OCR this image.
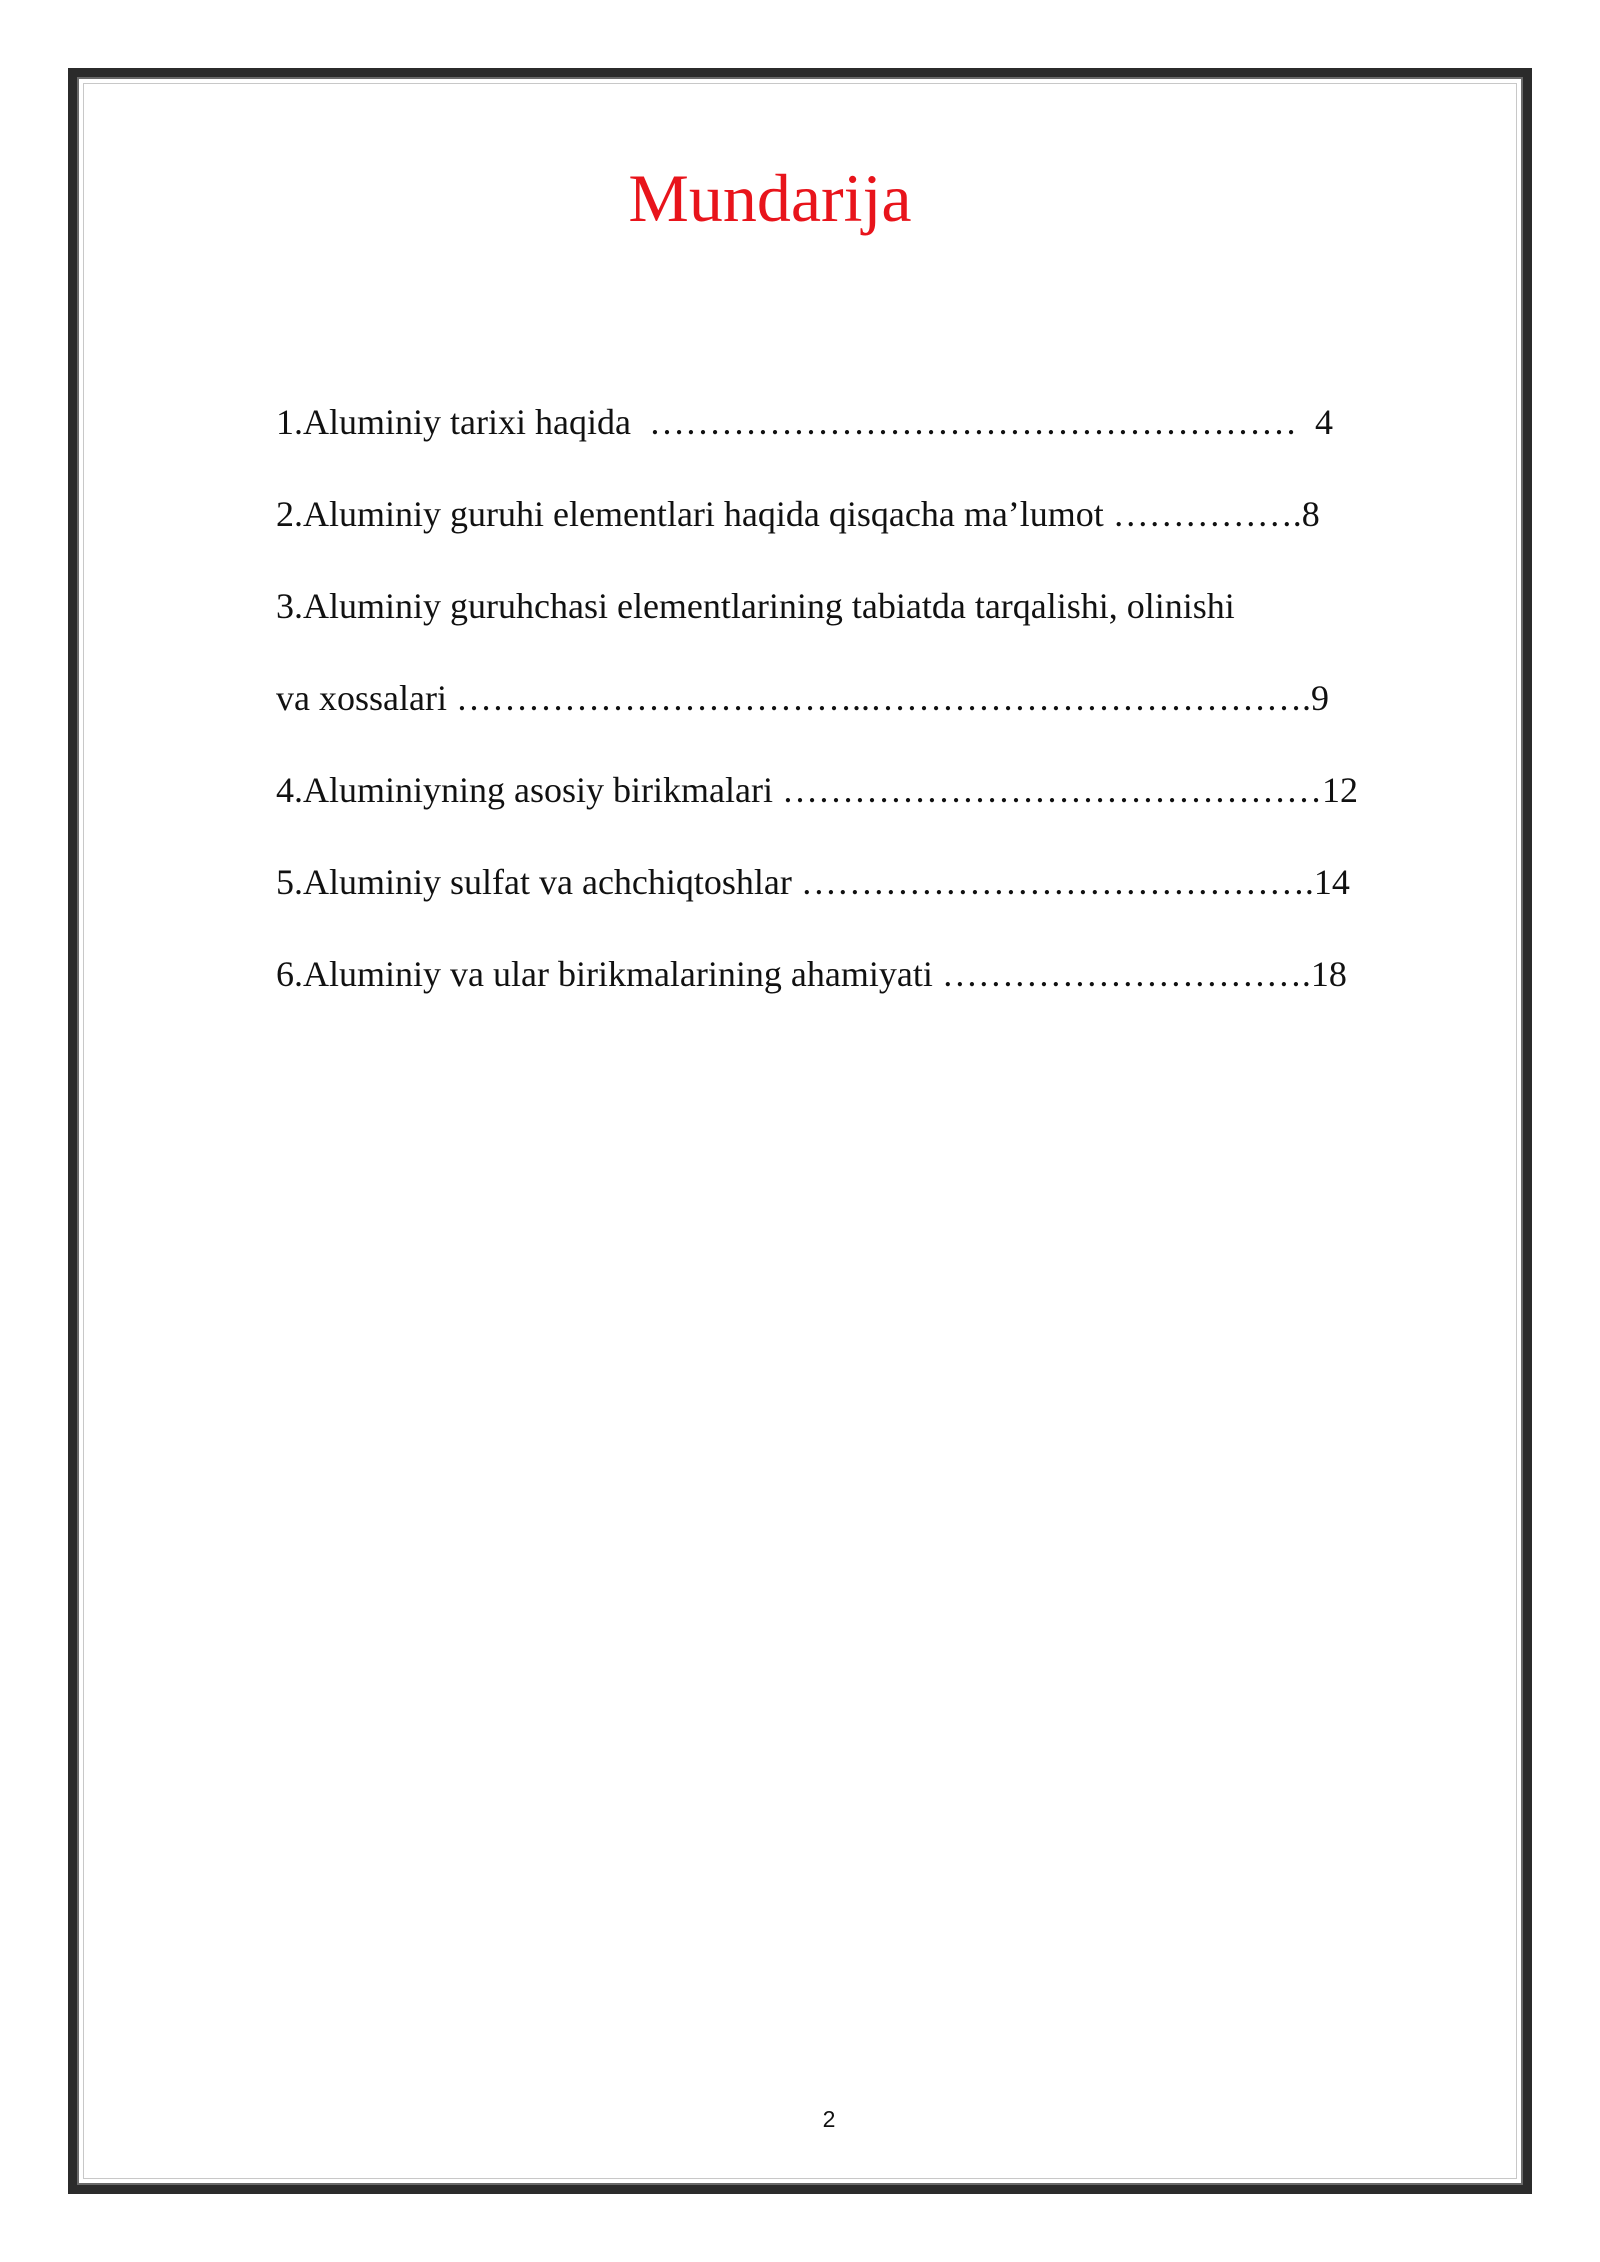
Mundarija
1.Aluminiy tarixi haqida  ………………………………………………  4
2.Aluminiy guruhi elementlari haqida qisqacha ma’lumot …………….8
3.Aluminiy guruhchasi elementlarining tabiatda tarqalishi, olinishi
va xossalari ……………………………..……………………………….9
4.Aluminiyning asosiy birikmalari ………………………………………12
5.Aluminiy sulfat va achchiqtoshlar …………………………………….14
6.Aluminiy va ular birikmalarining ahamiyati ………………………….18
2
